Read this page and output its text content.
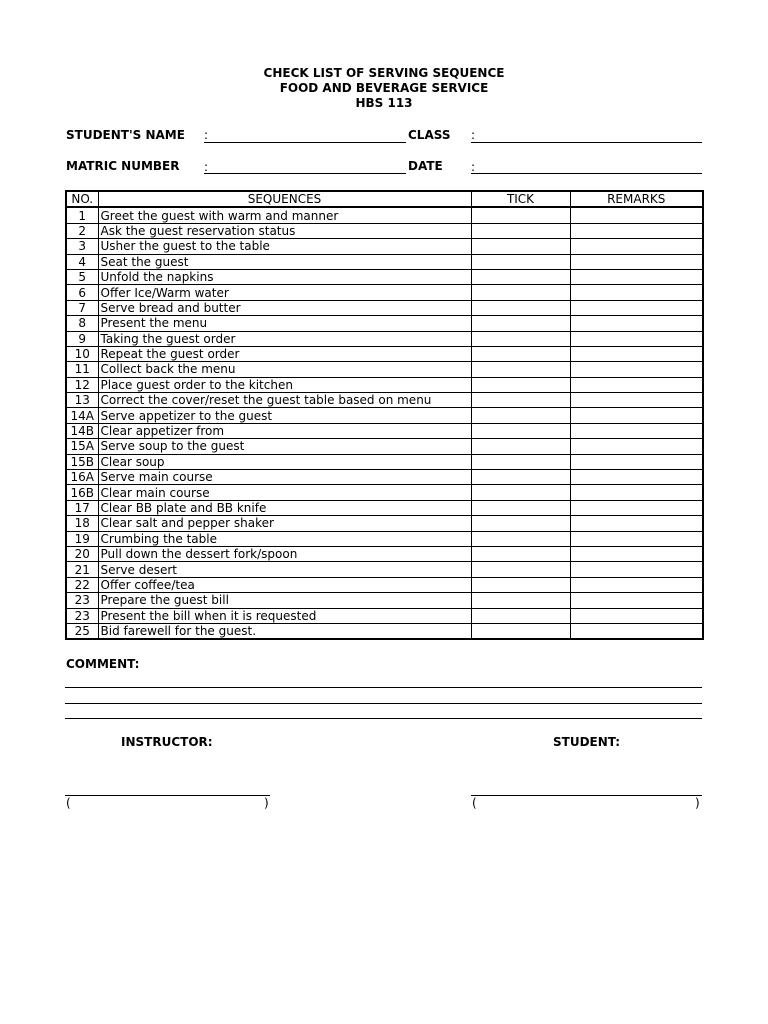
CHECK LIST OF SERVING SEQUENCE
FOOD AND BEVERAGE SERVICE
HBS 113
STUDENT'S NAME :	CLASS :
MATRIC NUMBER :	DATE :
NO.	SEQUENCES	TICK	REMARKS
1	Greet the guest with warm and manner		
2	Ask the guest reservation status		
3	Usher the guest to the table		
4	Seat the guest		
5	Unfold the napkins		
6	Offer Ice/Warm water		
7	Serve bread and butter		
8	Present the menu		
9	Taking the guest order		
10	Repeat the guest order		
11	Collect back the menu		
12	Place guest order to the kitchen		
13	Correct the cover/reset the guest table based on menu		
14A	Serve appetizer to the guest		
14B	Clear appetizer from		
15A	Serve soup to the guest		
15B	Clear soup		
16A	Serve main course		
16B	Clear main course		
17	Clear BB plate and BB knife		
18	Clear salt and pepper shaker		
19	Crumbing the table		
20	Pull down the dessert fork/spoon		
21	Serve desert		
22	Offer coffee/tea		
23	Prepare the guest bill		
23	Present the bill when it is requested		
25	Bid farewell for the guest.		
COMMENT:
INSTRUCTOR:	STUDENT:
(	)	(	)
